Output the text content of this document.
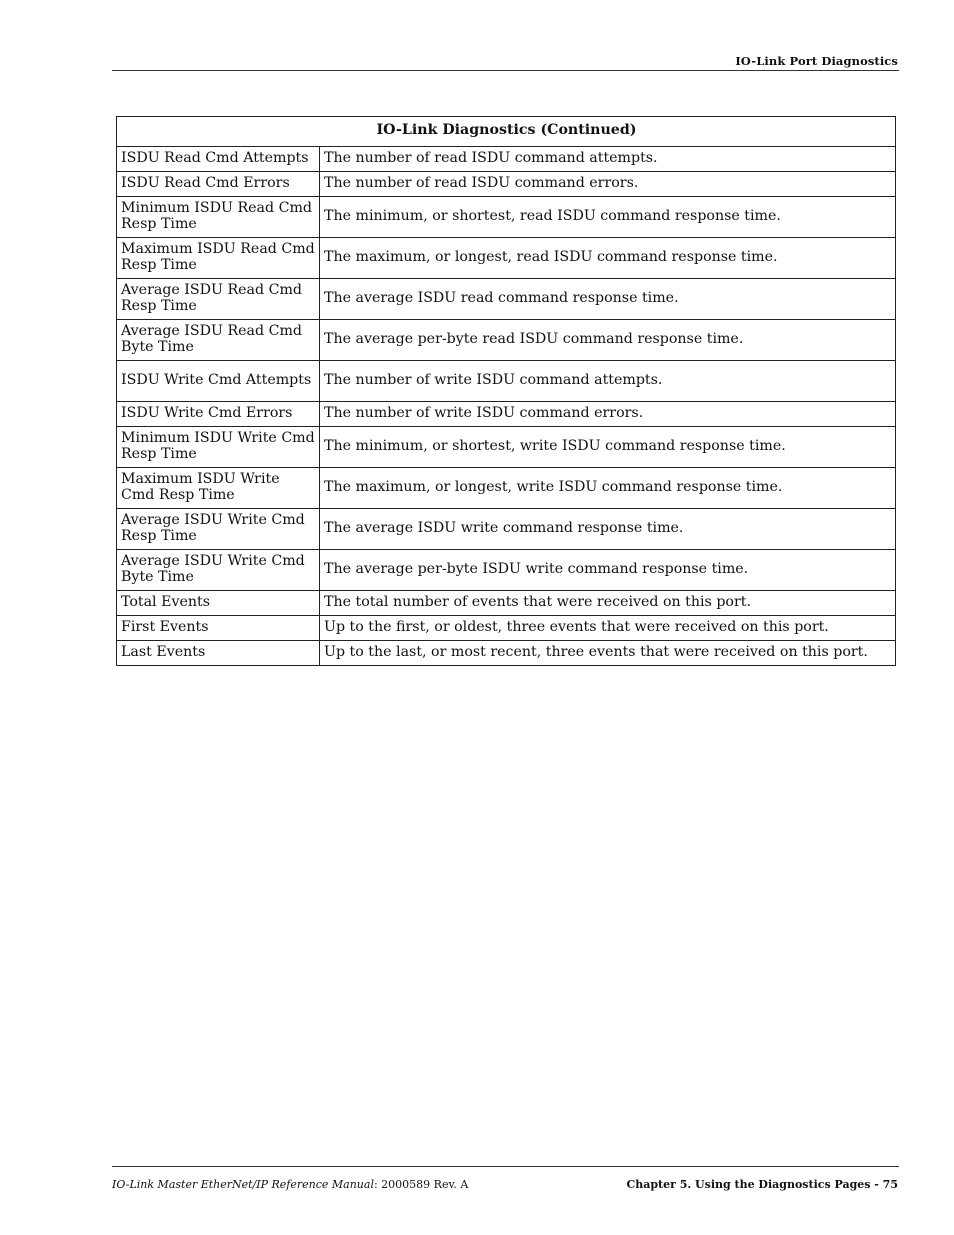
IO-Link Port Diagnostics
IO-Link Diagnostics (Continued)	
ISDU Read Cmd Attempts	The number of read ISDU command attempts.
ISDU Read Cmd Errors	The number of read ISDU command errors.
Minimum ISDU Read Cmd Resp Time	The minimum, or shortest, read ISDU command response time.
Maximum ISDU Read Cmd Resp Time	The maximum, or longest, read ISDU command response time.
Average ISDU Read Cmd Resp Time	The average ISDU read command response time.
Average ISDU Read Cmd Byte Time	The average per-byte read ISDU command response time.
ISDU Write Cmd Attempts	The number of write ISDU command attempts.
ISDU Write Cmd Errors	The number of write ISDU command errors.
Minimum ISDU Write Cmd Resp Time	The minimum, or shortest, write ISDU command response time.
Maximum ISDU Write Cmd Resp Time	The maximum, or longest, write ISDU command response time.
Average ISDU Write Cmd Resp Time	The average ISDU write command response time.
Average ISDU Write Cmd Byte Time	The average per-byte ISDU write command response time.
Total Events	The total number of events that were received on this port.
First Events	Up to the first, or oldest, three events that were received on this port.
Last Events	Up to the last, or most recent, three events that were received on this port.
IO-Link Master EtherNet/IP Reference Manual: 2000589 Rev. A	Chapter 5. Using the Diagnostics Pages - 75
